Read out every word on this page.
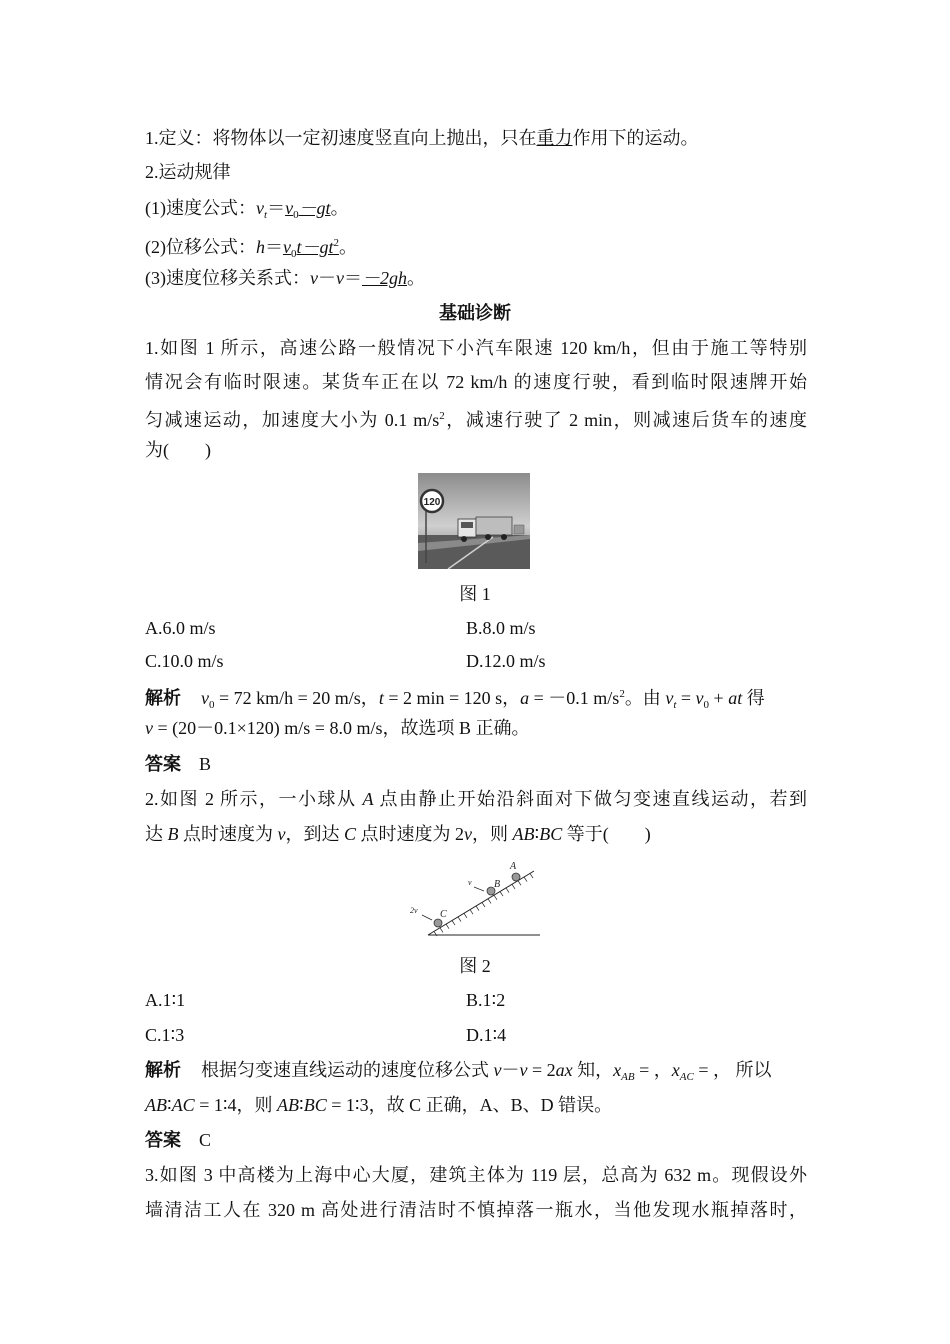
1.定义：将物体以一定初速度竖直向上抛出，只在重力作用下的运动。
2.运动规律
(1)速度公式：$v_t=v_0-gt$。
(2)位移公式：$h=v_0t-gt^2$。
(3)速度位移关系式：v－v＝－2gh。
基础诊断
1.如图 1 所示，高速公路一般情况下小汽车限速 120 km/h，但由于施工等特别
情况会有临时限速。某货车正在以 72 km/h 的速度行驶，看到临时限速牌开始
匀减速运动，加速度大小为 0.1 $m/s^2$，减速行驶了 2 min，则减速后货车的速度
为(　　)
120
图 1
A.6.0 m/s	B.8.0 m/s
C.10.0 m/s	D.12.0 m/s
解析 $v_0 = 72$ km/h = 20 m/s，t = 2 min = 120 s，a = －0.1 $m/s^2$。由 $v_t = v_0$ + at 得
v = (20－0.1×120) m/s = 8.0 m/s，故选项 B 正确。
答案 B
2.如图 2 所示，一小球从 A 点由静止开始沿斜面对下做匀变速直线运动，若到
达 B 点时速度为 v，到达 C 点时速度为 2v，则 AB∶BC 等于(　　)
A
B
C
v
2v
图 2
A.1∶1	B.1∶2
C.1∶3	D.1∶4
解析 根据匀变速直线运动的速度位移公式 v－v = 2ax 知，$x_{AB}$ = ，$x_{AC}$ = ， 所以
AB∶AC = 1∶4，则 AB∶BC = 1∶3，故 C 正确，A、B、D 错误。
答案 C
3.如图 3 中高楼为上海中心大厦，建筑主体为 119 层，总高为 632 m。现假设外
墙清洁工人在 320 m 高处进行清洁时不慎掉落一瓶水，当他发现水瓶掉落时，
